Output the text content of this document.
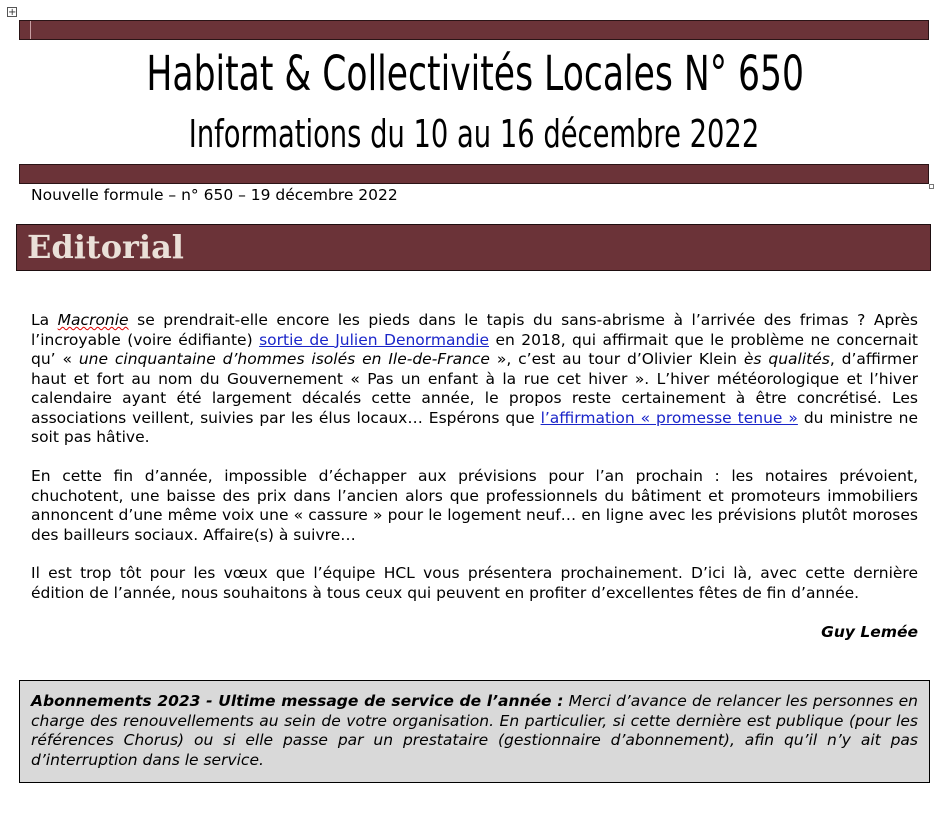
+
Habitat & Collectivités Locales N° 650
Informations du 10 au 16 décembre 2022
Nouvelle formule – n° 650 – 19 décembre 2022
Editorial
La Macronie se prendrait-elle encore les pieds dans le tapis du sans-abrisme à l’arrivée des frimas ? Après l’incroyable (voire édifiante) sortie de Julien Denormandie en 2018, qui affirmait que le problème ne concernait qu’ « une cinquantaine d’hommes isolés en Ile-de-France », c’est au tour d’Olivier Klein ès qualités, d’affirmer haut et fort au nom du Gouvernement « Pas un enfant à la rue cet hiver ». L’hiver météorologique et l’hiver calendaire ayant été largement décalés cette année, le propos reste certainement à être concrétisé. Les associations veillent, suivies par les élus locaux… Espérons que l’affirmation « promesse tenue » du ministre ne soit pas hâtive.
En cette fin d’année, impossible d’échapper aux prévisions pour l’an prochain : les notaires prévoient, chuchotent, une baisse des prix dans l’ancien alors que professionnels du bâtiment et promoteurs immobiliers annoncent d’une même voix une « cassure » pour le logement neuf… en ligne avec les prévisions plutôt moroses des bailleurs sociaux. Affaire(s) à suivre…
Il est trop tôt pour les vœux que l’équipe HCL vous présentera prochainement. D’ici là, avec cette dernière édition de l’année, nous souhaitons à tous ceux qui peuvent en profiter d’excellentes fêtes de fin d’année.
Guy Lemée
Abonnements 2023 - Ultime message de service de l’année : Merci d’avance de relancer les personnes en charge des renouvellements au sein de votre organisation. En particulier, si cette dernière est publique (pour les références Chorus) ou si elle passe par un prestataire (gestionnaire d’abonnement), afin qu’il n’y ait pas d’interruption dans le service.
